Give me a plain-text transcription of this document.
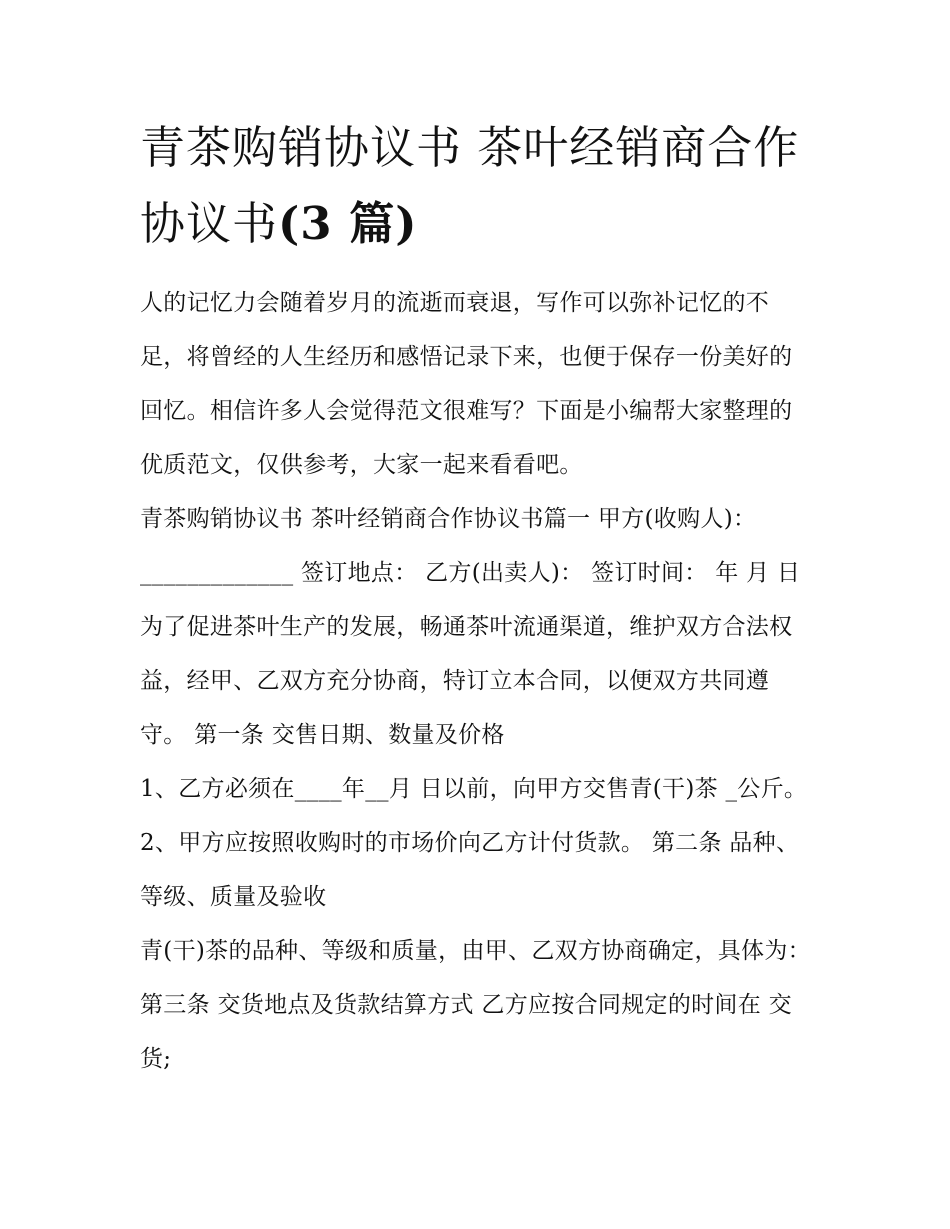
青茶购销协议书 茶叶经销商合作协议书(3 篇)

人的记忆力会随着岁月的流逝而衰退，写作可以弥补记忆的不足，将曾经的人生经历和感悟记录下来，也便于保存一份美好的回忆。相信许多人会觉得范文很难写？下面是小编帮大家整理的优质范文，仅供参考，大家一起来看看吧。

青茶购销协议书 茶叶经销商合作协议书篇一 甲方(收购人)： _____________ 签订地点： 乙方(出卖人)： 签订时间： 年 月 日

为了促进茶叶生产的发展，畅通茶叶流通渠道，维护双方合法权益，经甲、乙双方充分协商，特订立本合同，以便双方共同遵守。 第一条 交售日期、数量及价格

1、乙方必须在____年__月 日以前，向甲方交售青(干)茶 _公斤。 2、甲方应按照收购时的市场价向乙方计付货款。 第二条 品种、等级、质量及验收

青(干)茶的品种、等级和质量，由甲、乙双方协商确定，具体为： 第三条 交货地点及货款结算方式 乙方应按合同规定的时间在 交货;
